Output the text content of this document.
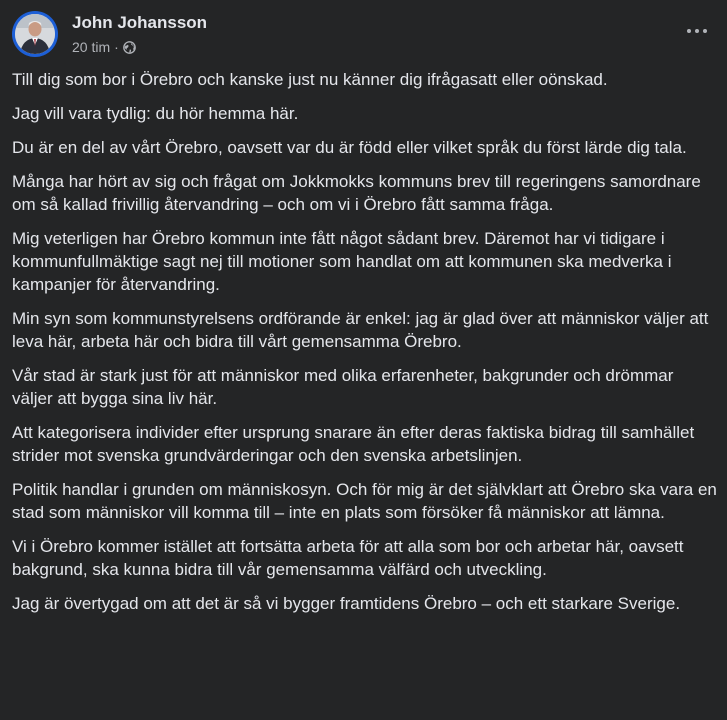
John Johansson
20 tim ·

Till dig som bor i Örebro och kanske just nu känner dig ifrågasatt eller oönskad.

Jag vill vara tydlig: du hör hemma här.

Du är en del av vårt Örebro, oavsett var du är född eller vilket språk du först lärde dig tala.

Många har hört av sig och frågat om Jokkmokks kommuns brev till regeringens samordnare om så kallad frivillig återvandring – och om vi i Örebro fått samma fråga.

Mig veterligen har Örebro kommun inte fått något sådant brev. Däremot har vi tidigare i kommunfullmäktige sagt nej till motioner som handlat om att kommunen ska medverka i kampanjer för återvandring.

Min syn som kommunstyrelsens ordförande är enkel: jag är glad över att människor väljer att leva här, arbeta här och bidra till vårt gemensamma Örebro.

Vår stad är stark just för att människor med olika erfarenheter, bakgrunder och drömmar väljer att bygga sina liv här.

Att kategorisera individer efter ursprung snarare än efter deras faktiska bidrag till samhället strider mot svenska grundvärderingar och den svenska arbetslinjen.

Politik handlar i grunden om människosyn. Och för mig är det självklart att Örebro ska vara en stad som människor vill komma till – inte en plats som försöker få människor att lämna.

Vi i Örebro kommer istället att fortsätta arbeta för att alla som bor och arbetar här, oavsett bakgrund, ska kunna bidra till vår gemensamma välfärd och utveckling.

Jag är övertygad om att det är så vi bygger framtidens Örebro – och ett starkare Sverige.
